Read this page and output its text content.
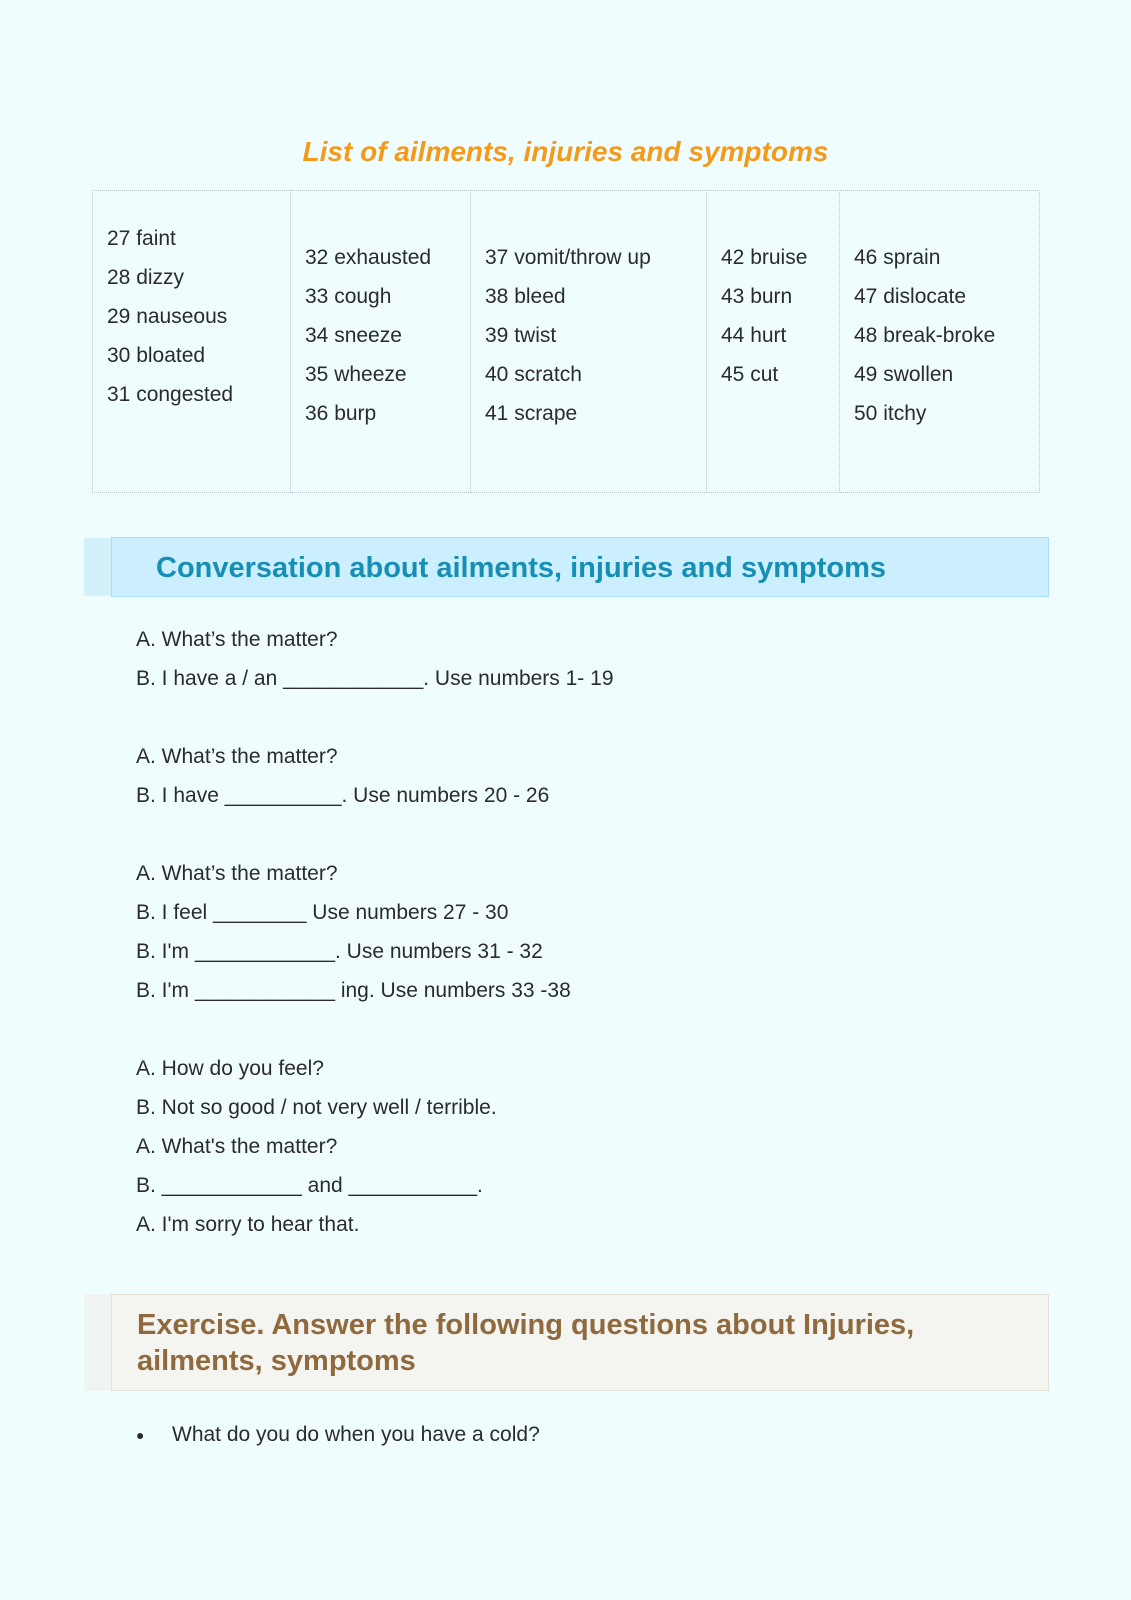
List of ailments, injuries and symptoms
27 faint
28 dizzy
29 nauseous
30 bloated
31 congested

32 exhausted
33 cough
34 sneeze
35 wheeze
36 burp

37 vomit/throw up
38 bleed
39 twist
40 scratch
41 scrape

42 bruise
43 burn
44 hurt
45 cut

46 sprain
47 dislocate
48 break-broke
49 swollen
50 itchy
Conversation about ailments, injuries and symptoms
A. What’s the matter?
B. I have a / an ____________. Use numbers 1- 19
A. What’s the matter?
B. I have __________. Use numbers 20 - 26
A. What’s the matter?
B. I feel ________ Use numbers 27 - 30
B. I'm ____________. Use numbers 31 - 32
B. I'm ____________ ing. Use numbers 33 -38
A. How do you feel?
B. Not so good / not very well / terrible.
A. What's the matter?
B. ____________ and ___________.
A. I'm sorry to hear that.
Exercise. Answer the following questions about Injuries, ailments, symptoms
●	What do you do when you have a cold?
